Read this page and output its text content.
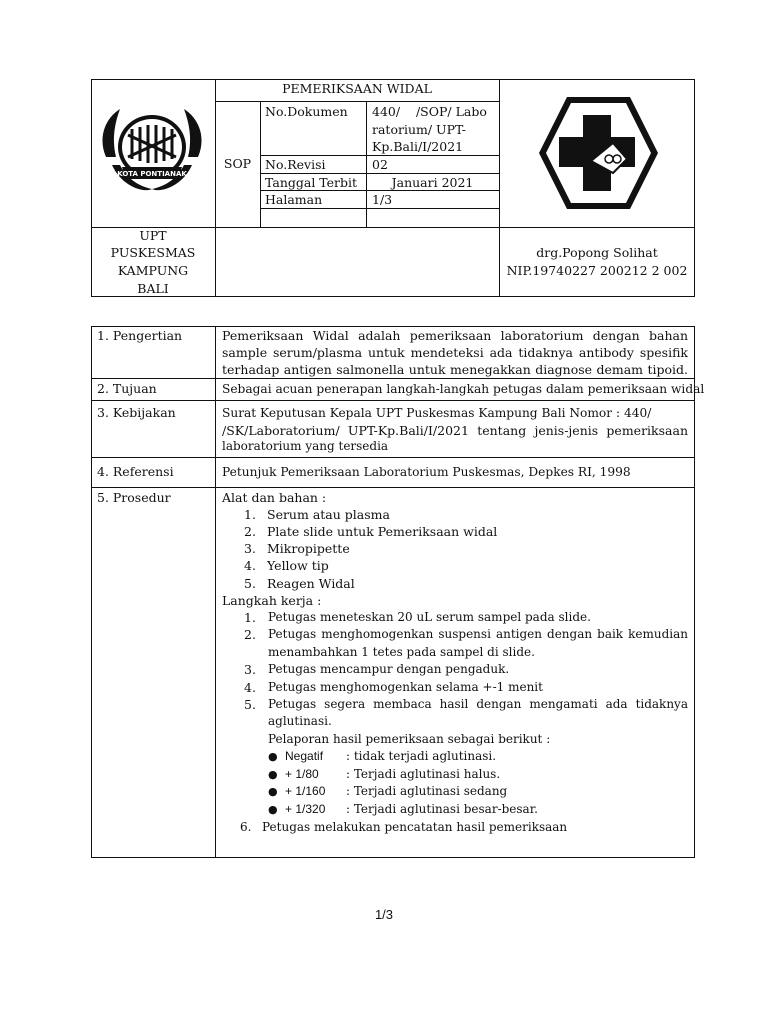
KOTA PONTIANAK
PEMERIKSAAN WIDAL
SOP
No.Dokumen 440/    /SOP/ Labo
ratorium/ UPT-
Kp.Bali/I/2021
No.Revisi	02
Tanggal Terbit	Januari 2021
Halaman	1/3
UPT
PUSKESMAS
KAMPUNG
BALI
drg.Popong Solihat
NIP.19740227 200212 2 002
1. Pengertian	Pemeriksaan Widal adalah pemeriksaan laboratorium dengan bahan
sample serum/plasma untuk mendeteksi ada tidaknya antibody spesifik
terhadap antigen salmonella untuk menegakkan diagnose demam tipoid.
2. Tujuan	Sebagai acuan penerapan langkah-langkah petugas dalam pemeriksaan widal
3. Kebijakan	Surat Keputusan Kepala UPT Puskesmas Kampung Bali Nomor : 440/
/SK/Laboratorium/ UPT-Kp.Bali/I/2021 tentang jenis-jenis pemeriksaan
laboratorium yang tersedia
4. Referensi	Petunjuk Pemeriksaan Laboratorium Puskesmas, Depkes RI, 1998
5. Prosedur	Alat dan bahan :
1. Serum atau plasma
2. Plate slide untuk Pemeriksaan widal
3. Mikropipette
4. Yellow tip
5. Reagen Widal
Langkah kerja :
1. Petugas meneteskan 20 uL serum sampel pada slide.
2. Petugas menghomogenkan suspensi antigen dengan baik kemudian
menambahkan 1 tetes pada sampel di slide.
3. Petugas mencampur dengan pengaduk.
4. Petugas menghomogenkan selama +-1 menit
5. Petugas segera membaca hasil dengan mengamati ada tidaknya
aglutinasi.
Pelaporan hasil pemeriksaan sebagai berikut :
● Negatif : tidak terjadi aglutinasi.
● + 1/80 : Terjadi aglutinasi halus.
● + 1/160 : Terjadi aglutinasi sedang
● + 1/320 : Terjadi aglutinasi besar-besar.
6. Petugas melakukan pencatatan hasil pemeriksaan
1/3
